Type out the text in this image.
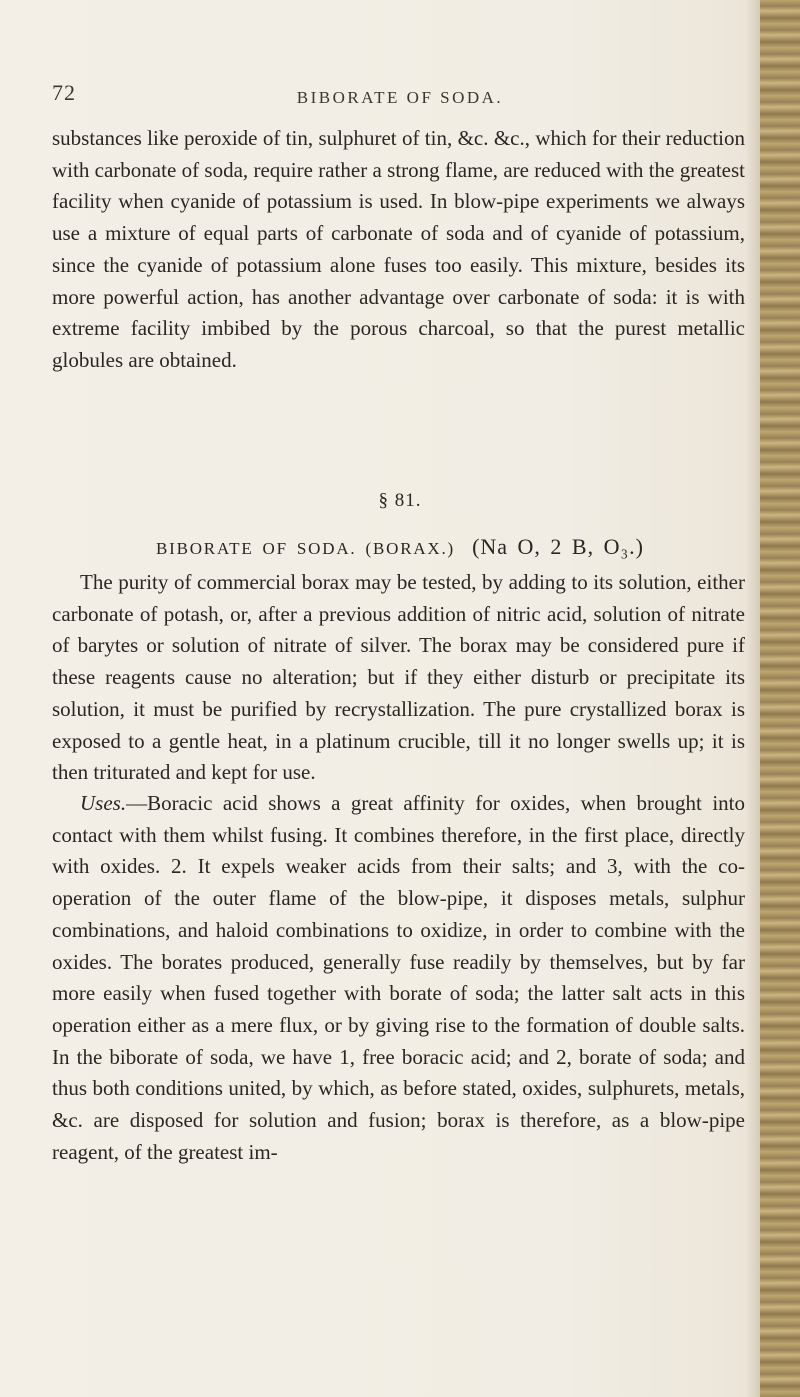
72	BIBORATE OF SODA.

substances like peroxide of tin, sulphuret of tin, &c. &c., which for their reduction with carbonate of soda, require rather a strong flame, are reduced with the greatest facility when cyanide of potassium is used. In blow-pipe experiments we always use a mixture of equal parts of carbonate of soda and of cyanide of potassium, since the cyanide of potassium alone fuses too easily. This mixture, besides its more powerful action, has another advantage over carbonate of soda: it is with extreme facility imbibed by the porous charcoal, so that the purest metallic globules are obtained.

§ 81.
BIBORATE OF SODA. (BORAX.) (Na O, 2 B, O₃.)

The purity of commercial borax may be tested, by adding to its solution, either carbonate of potash, or, after a previous addition of nitric acid, solution of nitrate of barytes or solution of nitrate of silver. The borax may be considered pure if these reagents cause no alteration; but if they either disturb or precipitate its solution, it must be purified by recrystallization. The pure crystallized borax is exposed to a gentle heat, in a platinum crucible, till it no longer swells up; it is then triturated and kept for use.

Uses.—Boracic acid shows a great affinity for oxides, when brought into contact with them whilst fusing. It combines therefore, in the first place, directly with oxides. 2. It expels weaker acids from their salts; and 3, with the co-operation of the outer flame of the blow-pipe, it disposes metals, sulphur combinations, and haloid combinations to oxidize, in order to combine with the oxides. The borates produced, generally fuse readily by themselves, but by far more easily when fused together with borate of soda; the latter salt acts in this operation either as a mere flux, or by giving rise to the formation of double salts. In the biborate of soda, we have 1, free boracic acid; and 2, borate of soda; and thus both conditions united, by which, as before stated, oxides, sulphurets, metals, &c. are disposed for solution and fusion; borax is therefore, as a blow-pipe reagent, of the greatest im-
